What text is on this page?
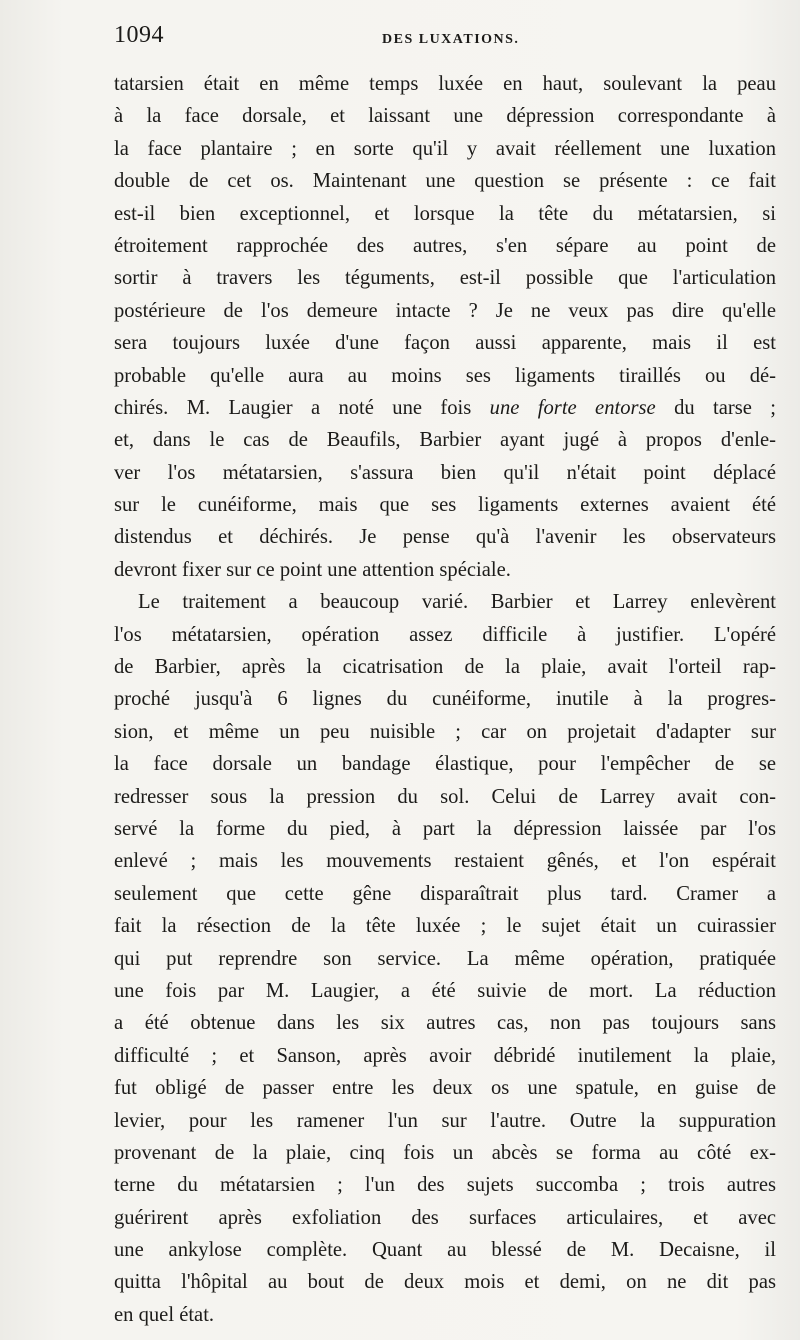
1094	DES LUXATIONS.
tatarsien était en même temps luxée en haut, soulevant la peau
à la face dorsale, et laissant une dépression correspondante à
la face plantaire ; en sorte qu'il y avait réellement une luxation
double de cet os. Maintenant une question se présente : ce fait
est-il bien exceptionnel, et lorsque la tête du métatarsien, si
étroitement rapprochée des autres, s'en sépare au point de
sortir à travers les téguments, est-il possible que l'articulation
postérieure de l'os demeure intacte ? Je ne veux pas dire qu'elle
sera toujours luxée d'une façon aussi apparente, mais il est
probable qu'elle aura au moins ses ligaments tiraillés ou dé-
chirés. M. Laugier a noté une fois une forte entorse du tarse ;
et, dans le cas de Beaufils, Barbier ayant jugé à propos d'enle-
ver l'os métatarsien, s'assura bien qu'il n'était point déplacé
sur le cunéiforme, mais que ses ligaments externes avaient été
distendus et déchirés. Je pense qu'à l'avenir les observateurs
devront fixer sur ce point une attention spéciale.
Le traitement a beaucoup varié. Barbier et Larrey enlevèrent
l'os métatarsien, opération assez difficile à justifier. L'opéré
de Barbier, après la cicatrisation de la plaie, avait l'orteil rap-
proché jusqu'à 6 lignes du cunéiforme, inutile à la progres-
sion, et même un peu nuisible ; car on projetait d'adapter sur
la face dorsale un bandage élastique, pour l'empêcher de se
redresser sous la pression du sol. Celui de Larrey avait con-
servé la forme du pied, à part la dépression laissée par l'os
enlevé ; mais les mouvements restaient gênés, et l'on espérait
seulement que cette gêne disparaîtrait plus tard. Cramer a
fait la résection de la tête luxée ; le sujet était un cuirassier
qui put reprendre son service. La même opération, pratiquée
une fois par M. Laugier, a été suivie de mort. La réduction
a été obtenue dans les six autres cas, non pas toujours sans
difficulté ; et Sanson, après avoir débridé inutilement la plaie,
fut obligé de passer entre les deux os une spatule, en guise de
levier, pour les ramener l'un sur l'autre. Outre la suppuration
provenant de la plaie, cinq fois un abcès se forma au côté ex-
terne du métatarsien ; l'un des sujets succomba ; trois autres
guérirent après exfoliation des surfaces articulaires, et avec
une ankylose complète. Quant au blessé de M. Decaisne, il
quitta l'hôpital au bout de deux mois et demi, on ne dit pas
en quel état.
